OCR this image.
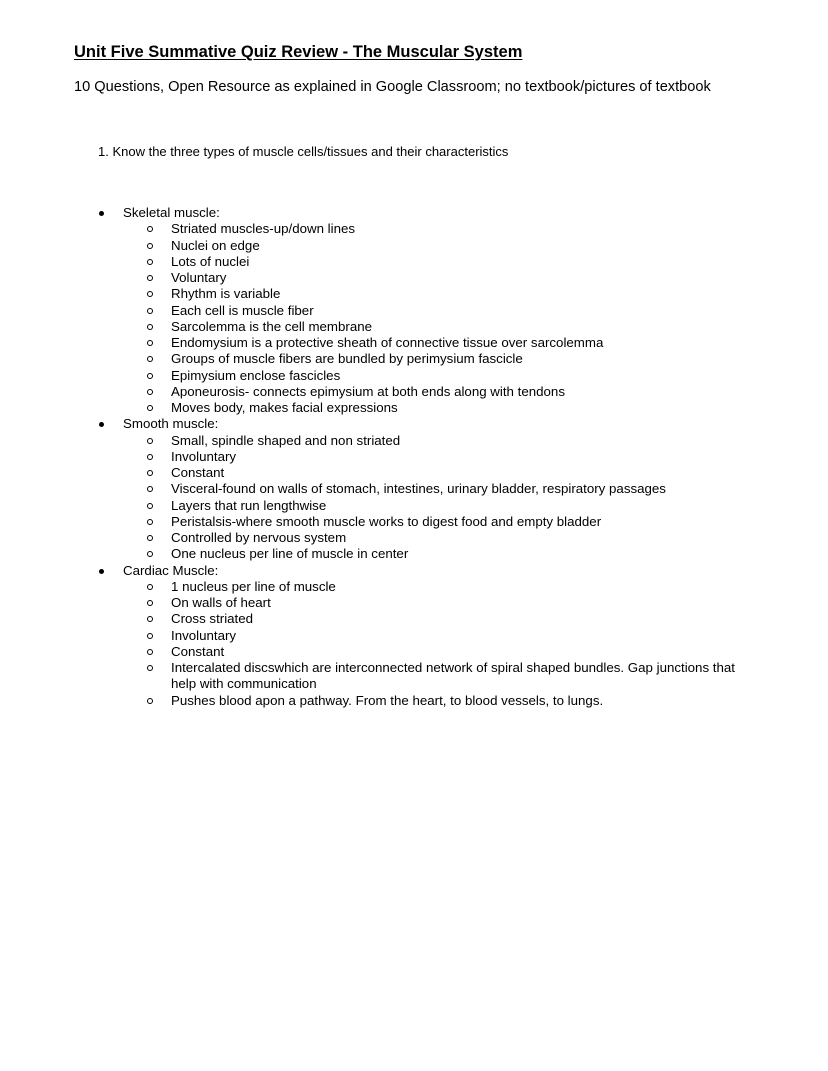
Unit Five Summative Quiz Review - The Muscular System
10 Questions, Open Resource as explained in Google Classroom; no textbook/pictures of textbook
1. Know the three types of muscle cells/tissues and their characteristics
Skeletal muscle:
Striated muscles-up/down lines
Nuclei on edge
Lots of nuclei
Voluntary
Rhythm is variable
Each cell is muscle fiber
Sarcolemma is the cell membrane
Endomysium is a protective sheath of connective tissue over sarcolemma
Groups of muscle fibers are bundled by perimysium fascicle
Epimysium enclose fascicles
Aponeurosis- connects epimysium at both ends along with tendons
Moves body, makes facial expressions
Smooth muscle:
Small, spindle shaped and non striated
Involuntary
Constant
Visceral-found on walls of stomach, intestines, urinary bladder, respiratory passages
Layers that run lengthwise
Peristalsis-where smooth muscle works to digest food and empty bladder
Controlled by nervous system
One nucleus per line of muscle in center
Cardiac Muscle:
1 nucleus per line of muscle
On walls of heart
Cross striated
Involuntary
Constant
Intercalated discswhich are interconnected network of spiral shaped bundles. Gap junctions that help with communication
Pushes blood apon a pathway. From the heart, to blood vessels, to lungs.
